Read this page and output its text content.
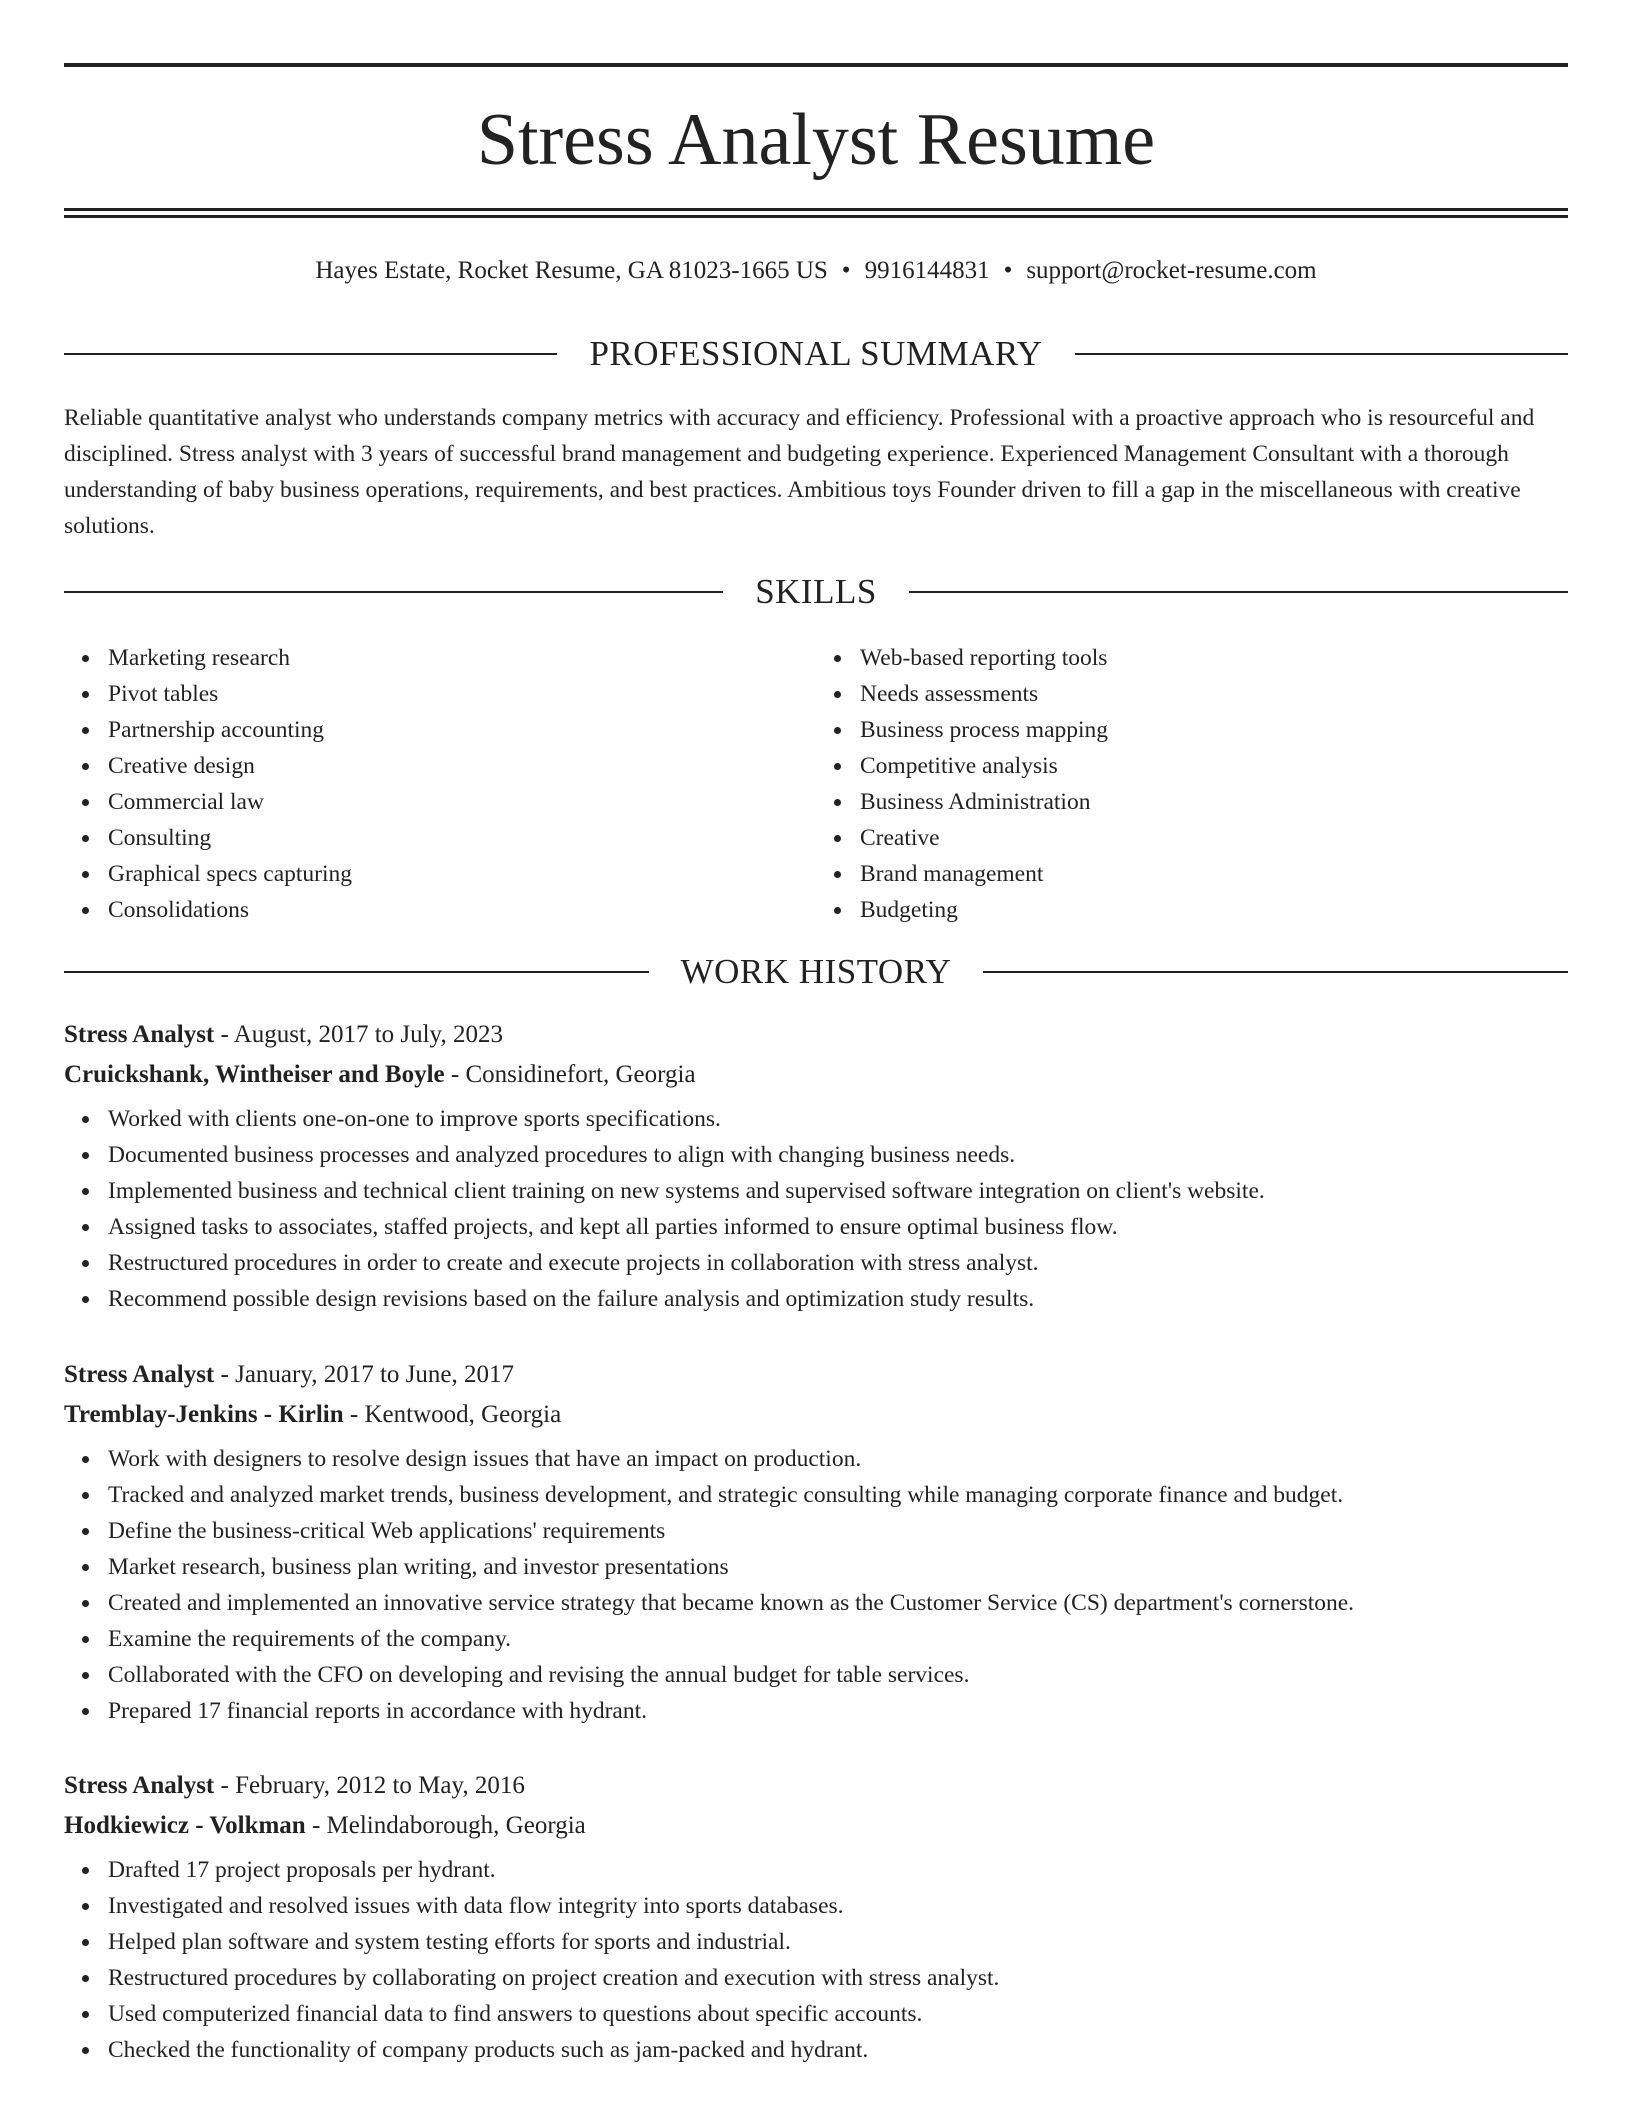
Stress Analyst Resume
Hayes Estate, Rocket Resume, GA 81023-1665 US • 9916144831 • support@rocket-resume.com
PROFESSIONAL SUMMARY

Reliable quantitative analyst who understands company metrics with accuracy and efficiency. Professional with a proactive approach who is resourceful and disciplined. Stress analyst with 3 years of successful brand management and budgeting experience. Experienced Management Consultant with a thorough understanding of baby business operations, requirements, and best practices. Ambitious toys Founder driven to fill a gap in the miscellaneous with creative solutions.

SKILLS
Marketing research
Pivot tables
Partnership accounting
Creative design
Commercial law
Consulting
Graphical specs capturing
Consolidations
Web-based reporting tools
Needs assessments
Business process mapping
Competitive analysis
Business Administration
Creative
Brand management
Budgeting
WORK HISTORY
Stress Analyst - August, 2017 to July, 2023
Cruickshank, Wintheiser and Boyle - Considinefort, Georgia
Worked with clients one-on-one to improve sports specifications.
Documented business processes and analyzed procedures to align with changing business needs.
Implemented business and technical client training on new systems and supervised software integration on client's website.
Assigned tasks to associates, staffed projects, and kept all parties informed to ensure optimal business flow.
Restructured procedures in order to create and execute projects in collaboration with stress analyst.
Recommend possible design revisions based on the failure analysis and optimization study results.
Stress Analyst - January, 2017 to June, 2017
Tremblay-Jenkins - Kirlin - Kentwood, Georgia
Work with designers to resolve design issues that have an impact on production.
Tracked and analyzed market trends, business development, and strategic consulting while managing corporate finance and budget.
Define the business-critical Web applications' requirements
Market research, business plan writing, and investor presentations
Created and implemented an innovative service strategy that became known as the Customer Service (CS) department's cornerstone.
Examine the requirements of the company.
Collaborated with the CFO on developing and revising the annual budget for table services.
Prepared 17 financial reports in accordance with hydrant.
Stress Analyst - February, 2012 to May, 2016
Hodkiewicz - Volkman - Melindaborough, Georgia
Drafted 17 project proposals per hydrant.
Investigated and resolved issues with data flow integrity into sports databases.
Helped plan software and system testing efforts for sports and industrial.
Restructured procedures by collaborating on project creation and execution with stress analyst.
Used computerized financial data to find answers to questions about specific accounts.
Checked the functionality of company products such as jam-packed and hydrant.
